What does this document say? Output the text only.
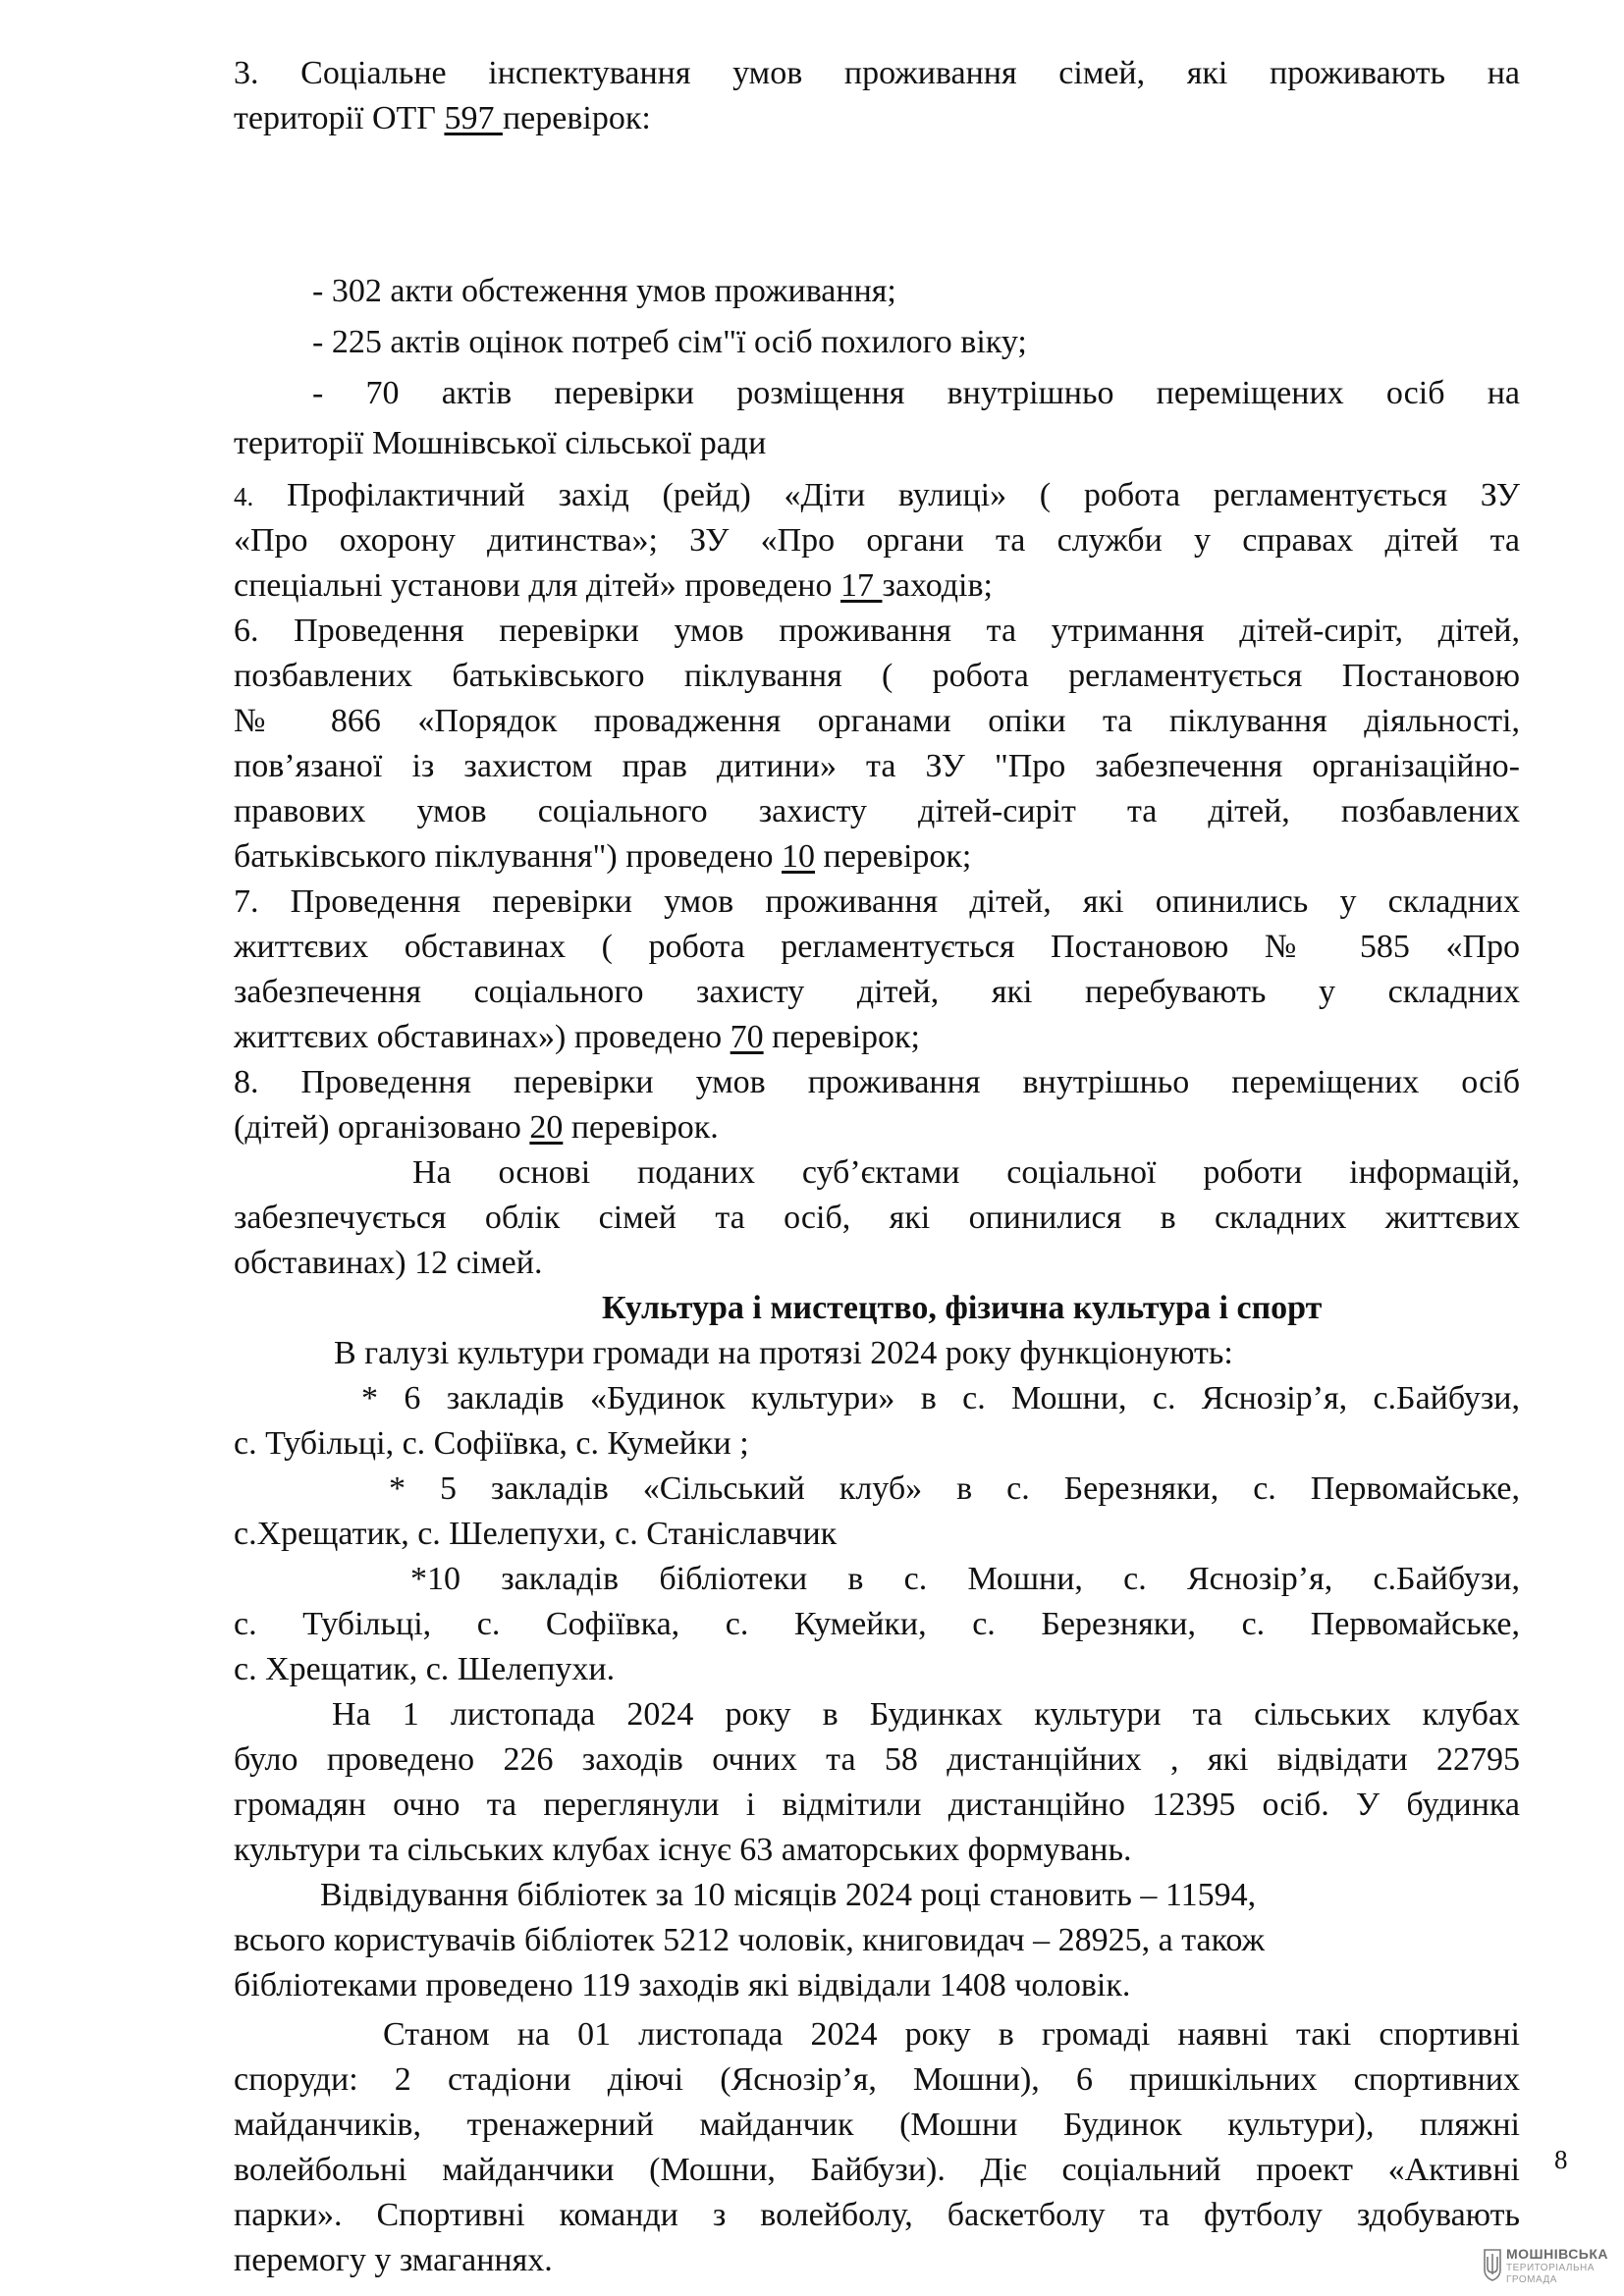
3. Соціальне інспектування умов проживання сімей, які проживають на
території ОТГ 597 перевірок:
- 302 акти обстеження умов проживання;
- 225 актів оцінок потреб сім"ї осіб похилого віку;
- 70 актів перевірки розміщення внутрішньо переміщених осіб на
території Мошнівської сільської ради
4. Профілактичний захід (рейд) «Діти вулиці» ( робота регламентується ЗУ
«Про охорону дитинства»; ЗУ «Про органи та служби у справах дітей та
спеціальні установи для дітей» проведено 17 заходів;
6. Проведення перевірки умов проживання та утримання дітей-сиріт, дітей,
позбавлених батьківського піклування ( робота регламентується Постановою
№ 866 «Порядок провадження органами опіки та піклування діяльності,
пов’язаної із захистом прав дитини» та ЗУ "Про забезпечення організаційно-
правових умов соціального захисту дітей-сиріт та дітей, позбавлених
батьківського піклування") проведено 10 перевірок;
7. Проведення перевірки умов проживання дітей, які опинились у складних
життєвих обставинах ( робота регламентується Постановою № 585 «Про
забезпечення соціального захисту дітей, які перебувають у складних
життєвих обставинах») проведено 70 перевірок;
8. Проведення перевірки умов проживання внутрішньо переміщених осіб
(дітей) організовано 20 перевірок.
На основі поданих суб’єктами соціальної роботи інформацій,
забезпечується облік сімей та осіб, які опинилися в складних життєвих
обставинах) 12 сімей.
Культура і мистецтво, фізична культура і спорт
В галузі культури громади на протязі 2024 року функціонують:
* 6 закладів «Будинок культури» в с. Мошни, с. Яснозір’я, с.Байбузи,
с. Тубільці, с. Софіївка, с. Кумейки ;
* 5 закладів «Сільський клуб» в с. Березняки, с. Первомайське,
с.Хрещатик, с. Шелепухи, с. Станіславчик
*10 закладів бібліотеки в с. Мошни, с. Яснозір’я, с.Байбузи,
с. Тубільці, с. Софіївка, с. Кумейки, с. Березняки, с. Первомайське,
с. Хрещатик, с. Шелепухи.
На 1 листопада 2024 року в Будинках культури та сільських клубах
було проведено 226 заходів очних та 58 дистанційних , які відвідати 22795
громадян очно та переглянули і відмітили дистанційно 12395 осіб. У будинка
культури та сільських клубах існує 63 аматорських формувань.
Відвідування бібліотек за 10 місяців 2024 році становить – 11594,
всього користувачів бібліотек 5212 чоловік, книговидач – 28925, а також
бібліотеками проведено 119 заходів які відвідали 1408 чоловік.
Станом на 01 листопада 2024 року в громаді наявні такі спортивні
споруди: 2 стадіони діючі (Яснозір’я, Мошни), 6 пришкільних спортивних
майданчиків, тренажерний майданчик (Мошни Будинок культури), пляжні
волейбольні майданчики (Мошни, Байбузи). Діє соціальний проект «Активні
парки». Спортивні команди з волейболу, баскетболу та футболу здобувають
перемогу у змаганнях.
8
МОШНІВСЬКА
ТЕРИТОРІАЛЬНА
ГРОМАДА
